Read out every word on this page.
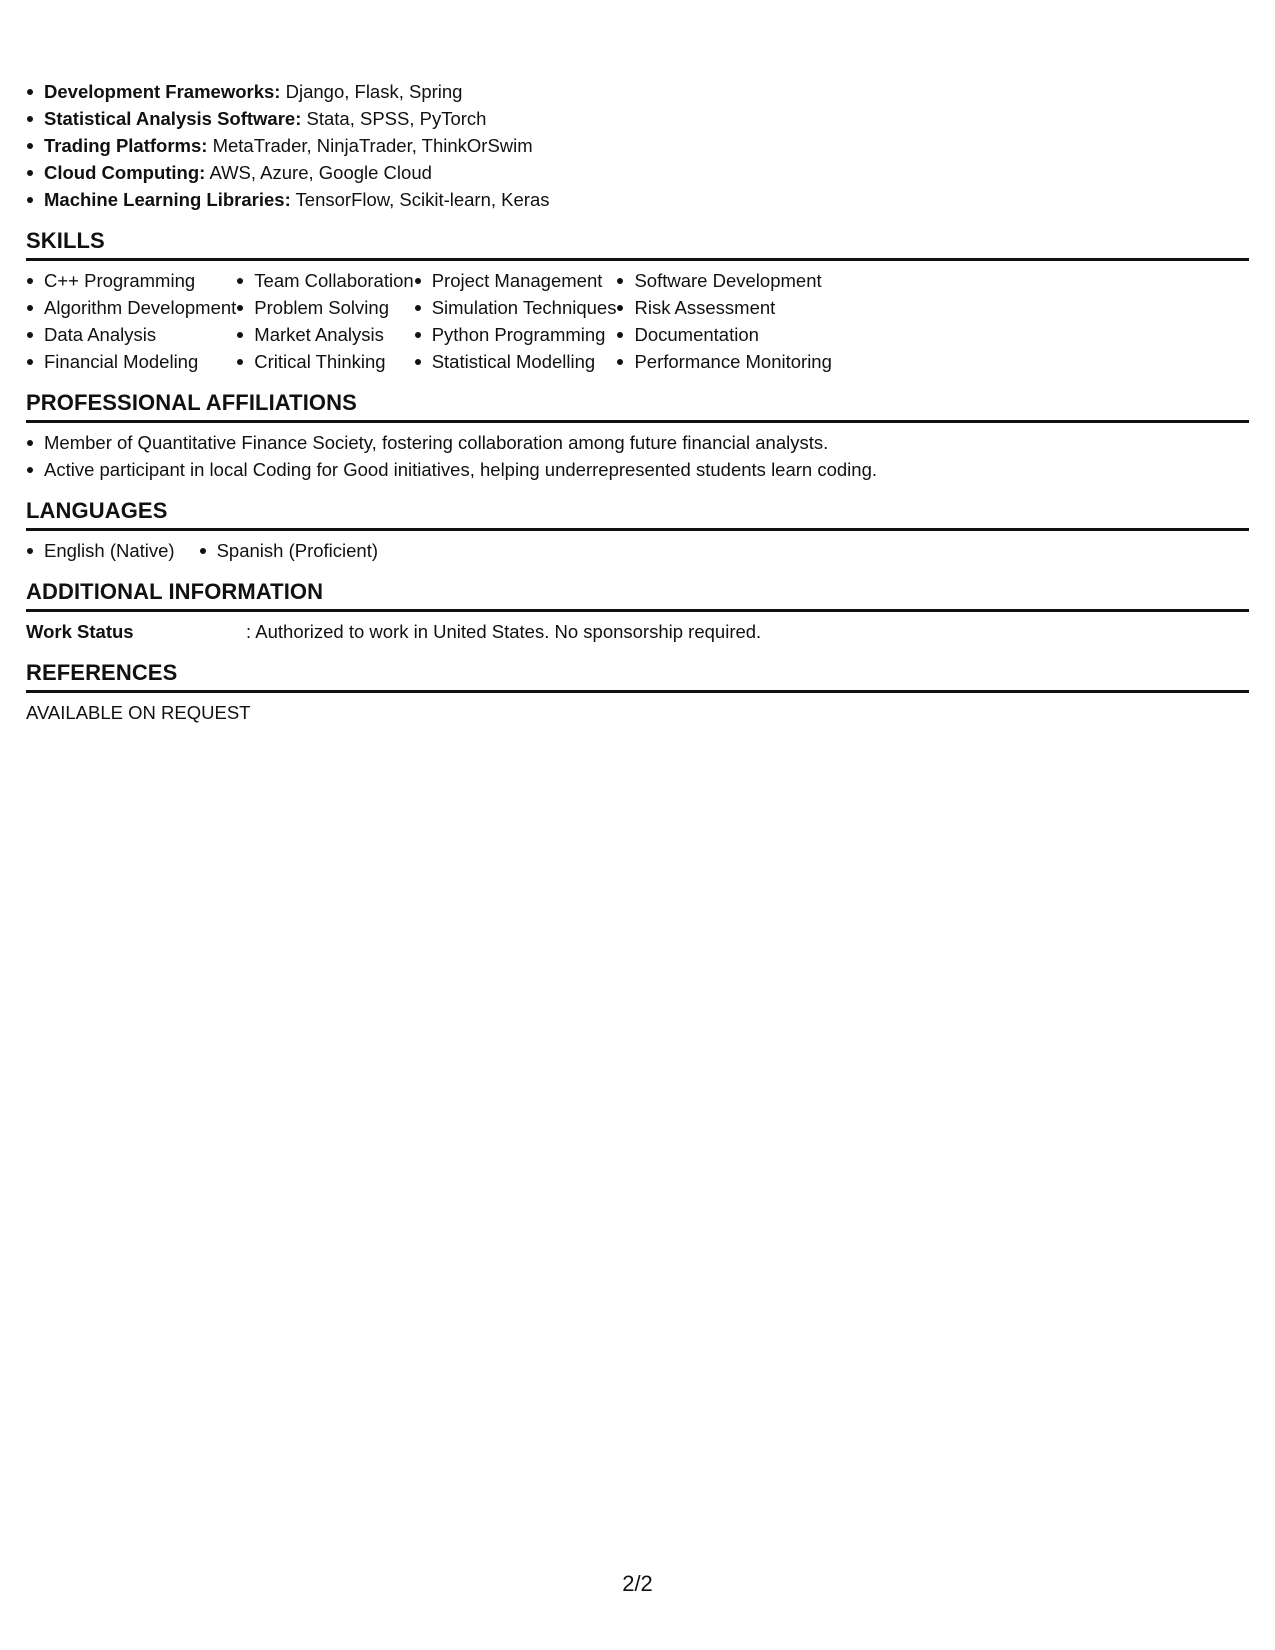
Development Frameworks: Django, Flask, Spring
Statistical Analysis Software: Stata, SPSS, PyTorch
Trading Platforms: MetaTrader, NinjaTrader, ThinkOrSwim
Cloud Computing: AWS, Azure, Google Cloud
Machine Learning Libraries: TensorFlow, Scikit-learn, Keras
SKILLS
C++ Programming
Algorithm Development
Data Analysis
Financial Modeling
Team Collaboration
Problem Solving
Market Analysis
Critical Thinking
Project Management
Simulation Techniques
Python Programming
Statistical Modelling
Software Development
Risk Assessment
Documentation
Performance Monitoring
PROFESSIONAL AFFILIATIONS
Member of Quantitative Finance Society, fostering collaboration among future financial analysts.
Active participant in local Coding for Good initiatives, helping underrepresented students learn coding.
LANGUAGES
English (Native)	Spanish (Proficient)
ADDITIONAL INFORMATION
Work Status	: Authorized to work in United States. No sponsorship required.
REFERENCES
AVAILABLE ON REQUEST
2/2
